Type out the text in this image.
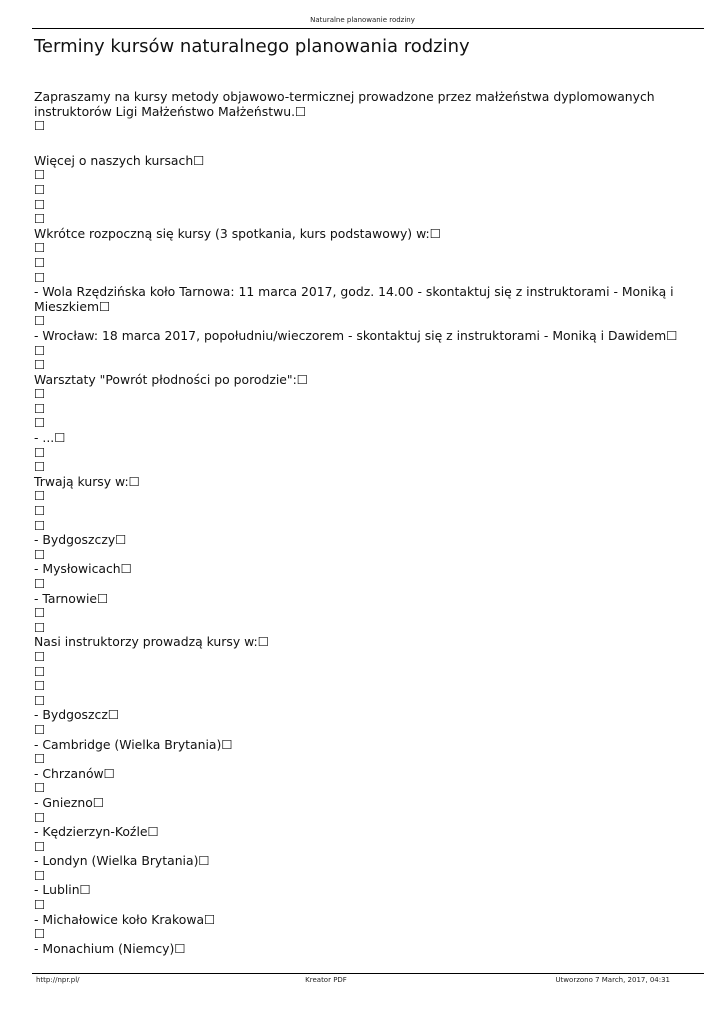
Naturalne planowanie rodziny
Terminy kursów naturalnego planowania rodziny
Zapraszamy na kursy metody objawowo-termicznej prowadzone przez małżeństwa dyplomowanych instruktorów Ligi Małżeństwo Małżeństwu.☐
☐
Więcej o naszych kursach☐
☐
☐
☐
☐
Wkrótce rozpoczną się kursy (3 spotkania, kurs podstawowy) w:☐
☐
☐
☐
- Wola Rzędzińska koło Tarnowa: 11 marca 2017, godz. 14.00 - skontaktuj się z instruktorami - Moniką i Mieszkiem☐
☐
- Wrocław: 18 marca 2017, popołudniu/wieczorem - skontaktuj się z instruktorami - Moniką i Dawidem☐
☐
☐
Warsztaty "Powrót płodności po porodzie":☐
☐
☐
☐
- ...☐
☐
☐
Trwają kursy w:☐
☐
☐
☐
- Bydgoszczy☐
☐
- Mysłowicach☐
☐
- Tarnowie☐
☐
☐
Nasi instruktorzy prowadzą kursy w:☐
☐
☐
☐
☐
- Bydgoszcz☐
☐
- Cambridge (Wielka Brytania)☐
☐
- Chrzanów☐
☐
- Gniezno☐
☐
- Kędzierzyn-Koźle☐
☐
- Londyn (Wielka Brytania)☐
☐
- Lublin☐
☐
- Michałowice koło Krakowa☐
☐
- Monachium (Niemcy)☐
http://npr.pl/	Kreator PDF	Utworzono 7 March, 2017, 04:31
